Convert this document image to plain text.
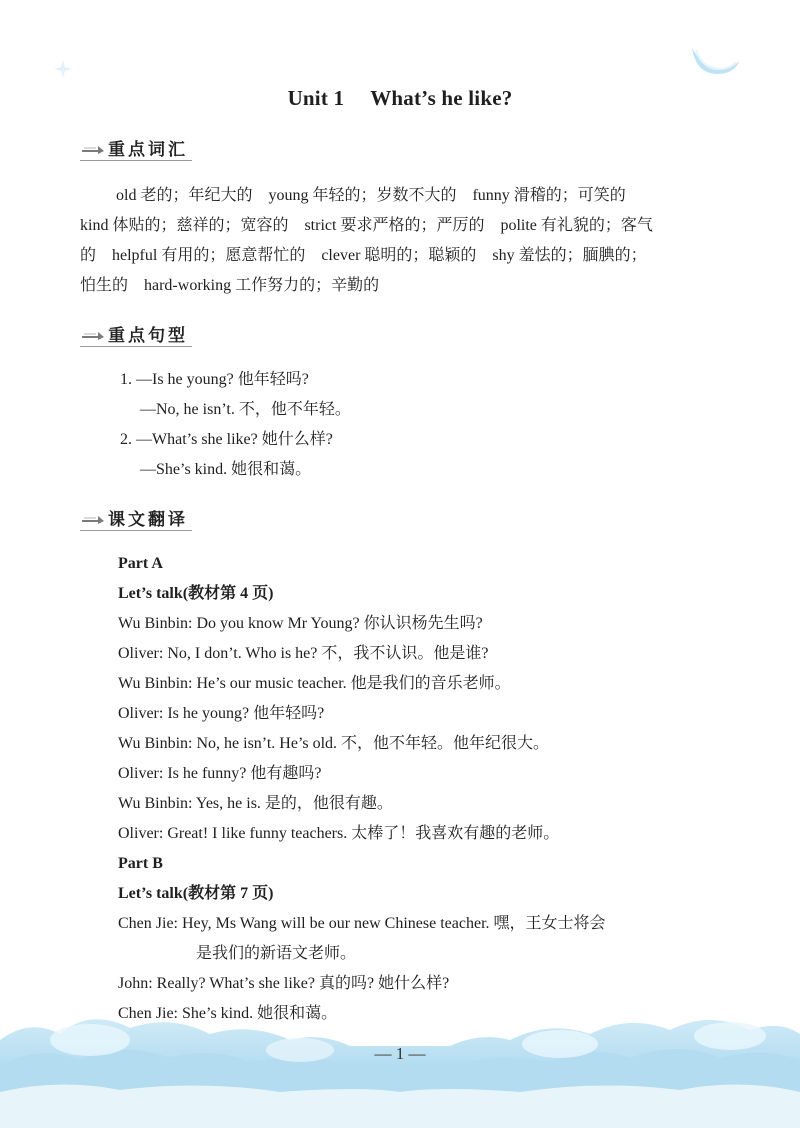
Unit 1 What’s he like?
重点词汇
old 老的；年纪大的　young 年轻的；岁数不大的　funny 滑稽的；可笑的
kind 体贴的；慈祥的；宽容的　strict 要求严格的；严厉的　polite 有礼貌的；客气
的　helpful 有用的；愿意帮忙的　clever 聪明的；聪颖的　shy 羞怯的；腼腆的；
怕生的　hard-working 工作努力的；辛勤的
重点句型
1. —Is he young? 他年轻吗?
—No, he isn’t. 不，他不年轻。
2. —What’s she like? 她什么样?
—She’s kind. 她很和蔼。
课文翻译
Part A
Let’s talk(教材第 4 页)
Wu Binbin: Do you know Mr Young? 你认识杨先生吗?
Oliver: No, I don’t. Who is he? 不，我不认识。他是谁?
Wu Binbin: He’s our music teacher. 他是我们的音乐老师。
Oliver: Is he young? 他年轻吗?
Wu Binbin: No, he isn’t. He’s old. 不，他不年轻。他年纪很大。
Oliver: Is he funny? 他有趣吗?
Wu Binbin: Yes, he is. 是的，他很有趣。
Oliver: Great! I like funny teachers. 太棒了！我喜欢有趣的老师。
Part B
Let’s talk(教材第 7 页)
Chen Jie: Hey, Ms Wang will be our new Chinese teacher. 嘿，王女士将会
是我们的新语文老师。
John: Really? What’s she like? 真的吗? 她什么样?
Chen Jie: She’s kind. 她很和蔼。
— 1 —
